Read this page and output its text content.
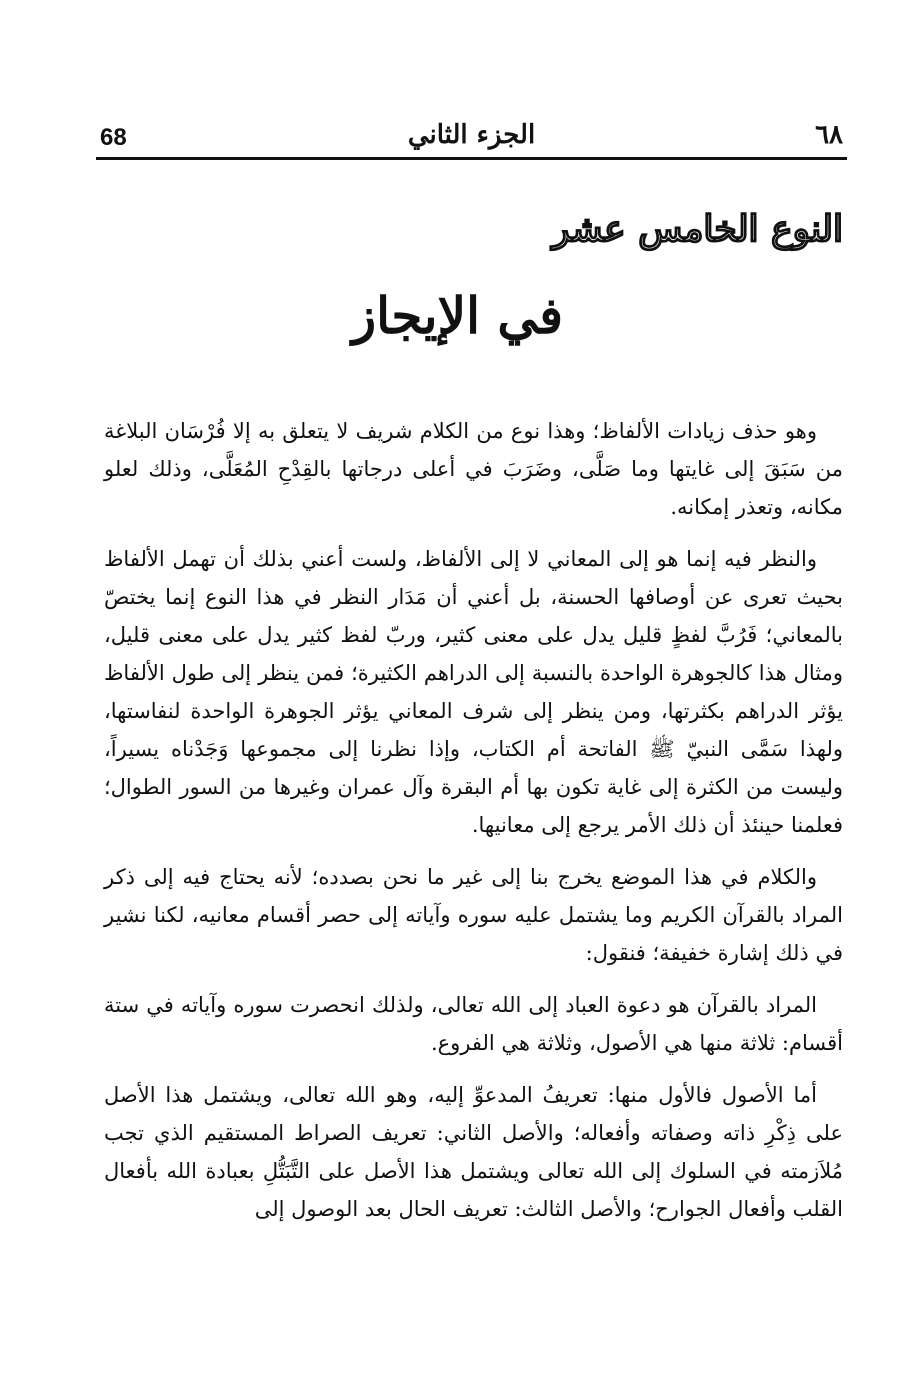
68	الجزء الثاني	٦٨
النوع الخامس عشر
في الإيجاز

وهو حذف زيادات الألفاظ؛ وهذا نوع من الكلام شريف لا يتعلق به إلا فُرْسَان البلاغة من سَبَقَ إلى غايتها وما صَلَّى، وضَرَبَ في أعلى درجاتها بالقِدْحِ المُعَلَّى، وذلك لعلو مكانه، وتعذر إمكانه.

والنظر فيه إنما هو إلى المعاني لا إلى الألفاظ، ولست أعني بذلك أن تهمل الألفاظ بحيث تعرى عن أوصافها الحسنة، بل أعني أن مَدَار النظر في هذا النوع إنما يختصّ بالمعاني؛ فَرُبَّ لفظٍ قليل يدل على معنى كثير، وربّ لفظ كثير يدل على معنى قليل، ومثال هذا كالجوهرة الواحدة بالنسبة إلى الدراهم الكثيرة؛ فمن ينظر إلى طول الألفاظ يؤثر الدراهم بكثرتها، ومن ينظر إلى شرف المعاني يؤثر الجوهرة الواحدة لنفاستها، ولهذا سَمَّى النبيّ ﷺ الفاتحة أم الكتاب، وإذا نظرنا إلى مجموعها وَجَدْناه يسيراً، وليست من الكثرة إلى غاية تكون بها أم البقرة وآل عمران وغيرها من السور الطوال؛ فعلمنا حينئذ أن ذلك الأمر يرجع إلى معانيها.

والكلام في هذا الموضع يخرج بنا إلى غير ما نحن بصدده؛ لأنه يحتاج فيه إلى ذكر المراد بالقرآن الكريم وما يشتمل عليه سوره وآياته إلى حصر أقسام معانيه، لكنا نشير في ذلك إشارة خفيفة؛ فنقول:

المراد بالقرآن هو دعوة العباد إلى الله تعالى، ولذلك انحصرت سوره وآياته في ستة أقسام: ثلاثة منها هي الأصول، وثلاثة هي الفروع.

أما الأصول فالأول منها: تعريفُ المدعوِّ إليه، وهو الله تعالى، ويشتمل هذا الأصل على ذِكْرِ ذاته وصفاته وأفعاله؛ والأصل الثاني: تعريف الصراط المستقيم الذي تجب مُلاَزمته في السلوك إلى الله تعالى ويشتمل هذا الأصل على التَّبَتُّلِ بعبادة الله بأفعال القلب وأفعال الجوارح؛ والأصل الثالث: تعريف الحال بعد الوصول إلى
